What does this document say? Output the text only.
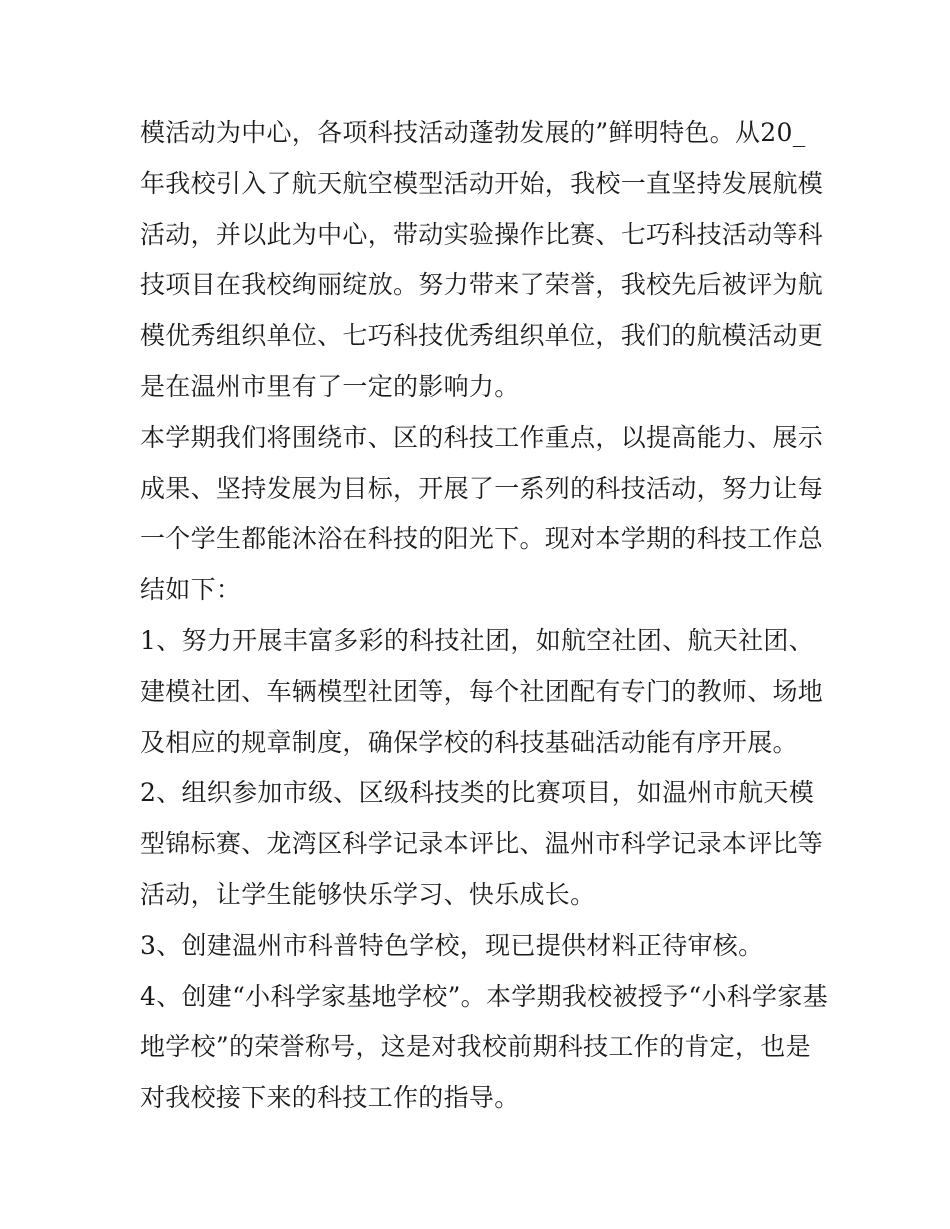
模活动为中心，各项科技活动蓬勃发展的”鲜明特色。从20_
年我校引入了航天航空模型活动开始，我校一直坚持发展航模
活动，并以此为中心，带动实验操作比赛、七巧科技活动等科
技项目在我校绚丽绽放。努力带来了荣誉，我校先后被评为航
模优秀组织单位、七巧科技优秀组织单位，我们的航模活动更
是在温州市里有了一定的影响力。

本学期我们将围绕市、区的科技工作重点，以提高能力、展示
成果、坚持发展为目标，开展了一系列的科技活动，努力让每
一个学生都能沐浴在科技的阳光下。现对本学期的科技工作总
结如下：

1、努力开展丰富多彩的科技社团，如航空社团、航天社团、
建模社团、车辆模型社团等，每个社团配有专门的教师、场地
及相应的规章制度，确保学校的科技基础活动能有序开展。

2、组织参加市级、区级科技类的比赛项目，如温州市航天模
型锦标赛、龙湾区科学记录本评比、温州市科学记录本评比等
活动，让学生能够快乐学习、快乐成长。

3、创建温州市科普特色学校，现已提供材料正待审核。

4、创建“小科学家基地学校”。本学期我校被授予“小科学家基
地学校”的荣誉称号，这是对我校前期科技工作的肯定，也是
对我校接下来的科技工作的指导。
